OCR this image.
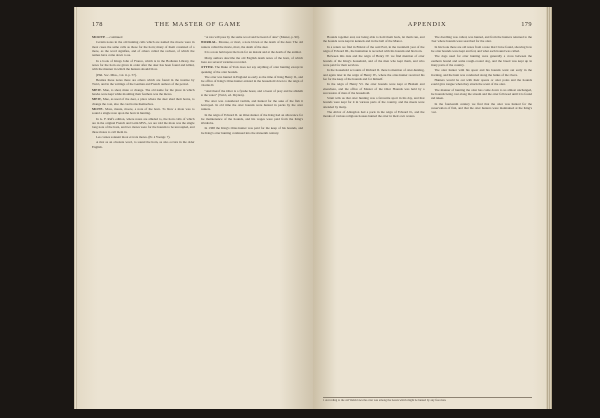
178	THE MASTER OF GAME

MOOTE —continued

Certain notes in the old hunting calls which are named the moote were in most cases the same calls as those for the horn; many of them consisted of a mote, as the word signifies, and of others called the recheat, of which the names have come down to us.

In a book of Kings John of France, which is in the Bodleian Library, the notes for the horn are given in order after the deer has been found and killed, with the manner in which the hunters should blow.

(Phil. Soc. Miss., vol. ii. p. 57).

Besides these notes there are others which are found in the treatise by Twici, and in the writings of the German and French authors of the period.

MEW. Mue, to shed, mute or change. The old name for the place in which hawks were kept while moulting their feathers was the mews.

MEW, Mue, as used of the deer, a place where the deer shed their horns, to change the coat, also the cast horns themselves.

MOTE. Mote, meute, moote, a note of the horn. To blow a mote was to sound a single note upon the horn in hunting.

In G. F. Ruf's edition, where notes are alluded to, the horn calls of which are in the original French and Latin MSS., we are told the mote was the single long note of the horn, and two motes were for the hounds to be uncoupled, and three motes to call them in.

Les cornes sonnent moot et trois motes. (Pr. à Ysengr. 7).

A mot as an obsolete word, to sound the horn, as also occurs in the older English.

"A tota will pass by the same wood and be heard of aine" (Master, p. 90).

MORRAL. Mouree, or mort, a note blown at the death of the deer. The old hunters called the morte, mort, the death of the deer.

It is a note held upon the horn for an instant and at the death of the animal.

Many authors describe the old English death notes of the horn, of which there are several varieties recorded.

OTTER. The Duke of York does not say anything of otter hunting except in speaking of the otter hounds.

The otter was hunted in England as early as the time of King Henry II., and the office of King's Otter-hunter existed in the household down to the reign of Charles II.

"And therof the Otter is a fysshe beest, and a beest of prey and he abideth in the water" (Twici, ed. Dryden).

The otter was considered vermin, and hunted for the sake of the fish it destroyed. In old time the otter hounds were hunted in packs by the otter hunters.

In the reign of Edward II. an Otter-hunter of the King had an allowance for the maintenance of the hounds, and his wages were paid from the King's Wardrobe.

In 1368 the King's Otter-hunter was paid for the keep of his hounds, and the King's otter hunting continued into the sixteenth century.

APPENDIX	179

Hounds together and, not being able to hold them back, let them run, and the hounds were kept in kennels and in the hall of the Manor.

In a return we find in Bristol of the said Earl, in the twentieth year of the reign of Edward III., the huntsman is recorded with his hounds and his horn.

Between this date and the reign of Henry IV. we find mention of otter hounds of the King's household, and of the men who kept them, and who were paid for their services.

In the household accounts of Richard II. there is mention of otter-hunting, and again later in the reign of Henry IV., where the otter-hunter received his fee for the keep of the hounds and for himself.

In the reign of Henry VI. the otter hounds were kept at Bisham and elsewhere, and the office of Master of the Otter Hounds was held by a succession of men of the household.

Strutt tells us that otter hunting was a favourite sport in his day, and that hounds were kept for it in various parts of the country, and the meets were attended by many.

The Abbot of Abingdon had a pack in the reign of Edward II., and the monks of various religious houses hunted the otter in their own waters.

The dwelling was called, was hunted, and from the hunters returned to the river where hounds were searched for the otter.

In his book there are old notes from a note that I have found, showing how the otter hounds were kept and fed, and what each hound was called.

The dogs used for otter hunting were generally a cross between the southern hound and some rough-coated dog, and the breed was kept up in many parts of the country.

The otter hunter with his spear and his hounds went out early in the morning, and the hunt was conducted along the banks of the rivers.

Hunters would be out with their spears or otter poles and the hounds would give tongue when they struck the scent of the otter.

The manner of hunting the otter has come down to us almost unchanged, the hounds being cast along the stream and the otter followed until it is found and taken.

In the fourteenth century we find that the otter was hunted for the preservation of fish, and that the otter hunters were maintained at the King's cost.

1 According to the old Welsh laws the otter was among the beasts which might be hunted by any free man.
